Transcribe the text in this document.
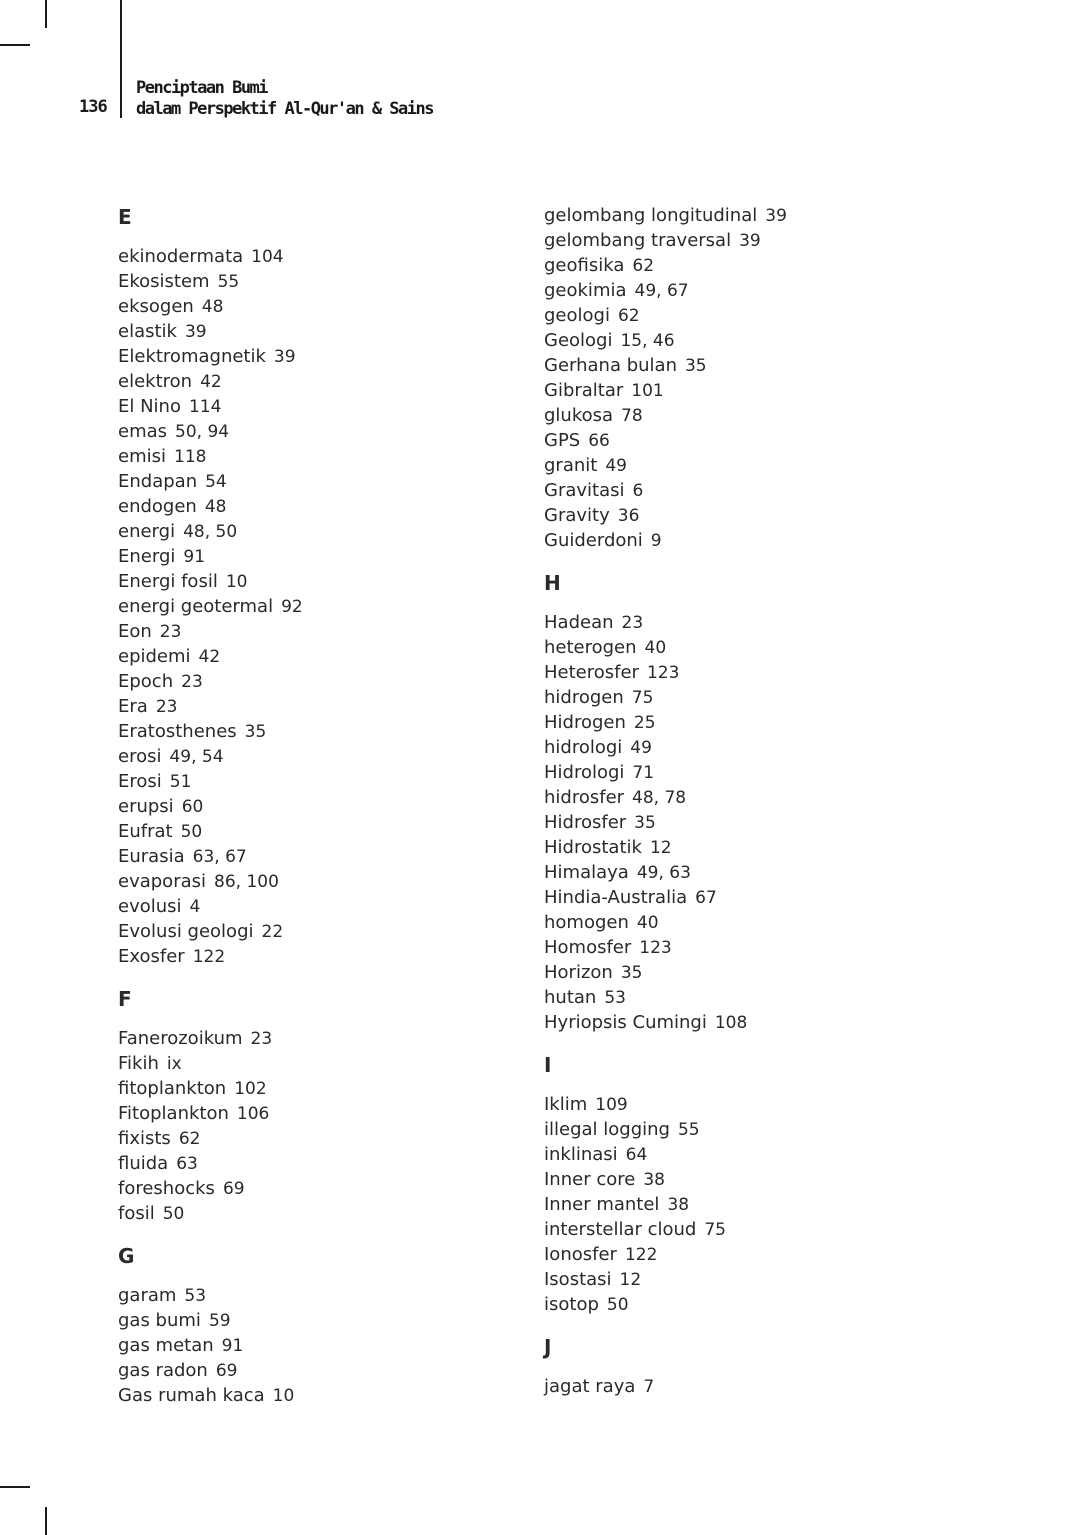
136
Penciptaan Bumi
dalam Perspektif Al-Qur'an & Sains
E
ekinodermata 104
Ekosistem 55
eksogen 48
elastik 39
Elektromagnetik 39
elektron 42
El Nino 114
emas 50, 94
emisi 118
Endapan 54
endogen 48
energi 48, 50
Energi 91
Energi fosil 10
energi geotermal 92
Eon 23
epidemi 42
Epoch 23
Era 23
Eratosthenes 35
erosi 49, 54
Erosi 51
erupsi 60
Eufrat 50
Eurasia 63, 67
evaporasi 86, 100
evolusi 4
Evolusi geologi 22
Exosfer 122
F
Fanerozoikum 23
Fikih ix
fitoplankton 102
Fitoplankton 106
fixists 62
fluida 63
foreshocks 69
fosil 50
G
garam 53
gas bumi 59
gas metan 91
gas radon 69
Gas rumah kaca 10
gelombang longitudinal 39
gelombang traversal 39
geofisika 62
geokimia 49, 67
geologi 62
Geologi 15, 46
Gerhana bulan 35
Gibraltar 101
glukosa 78
GPS 66
granit 49
Gravitasi 6
Gravity 36
Guiderdoni 9
H
Hadean 23
heterogen 40
Heterosfer 123
hidrogen 75
Hidrogen 25
hidrologi 49
Hidrologi 71
hidrosfer 48, 78
Hidrosfer 35
Hidrostatik 12
Himalaya 49, 63
Hindia-Australia 67
homogen 40
Homosfer 123
Horizon 35
hutan 53
Hyriopsis Cumingi 108
I
Iklim 109
illegal logging 55
inklinasi 64
Inner core 38
Inner mantel 38
interstellar cloud 75
Ionosfer 122
Isostasi 12
isotop 50
J
jagat raya 7
